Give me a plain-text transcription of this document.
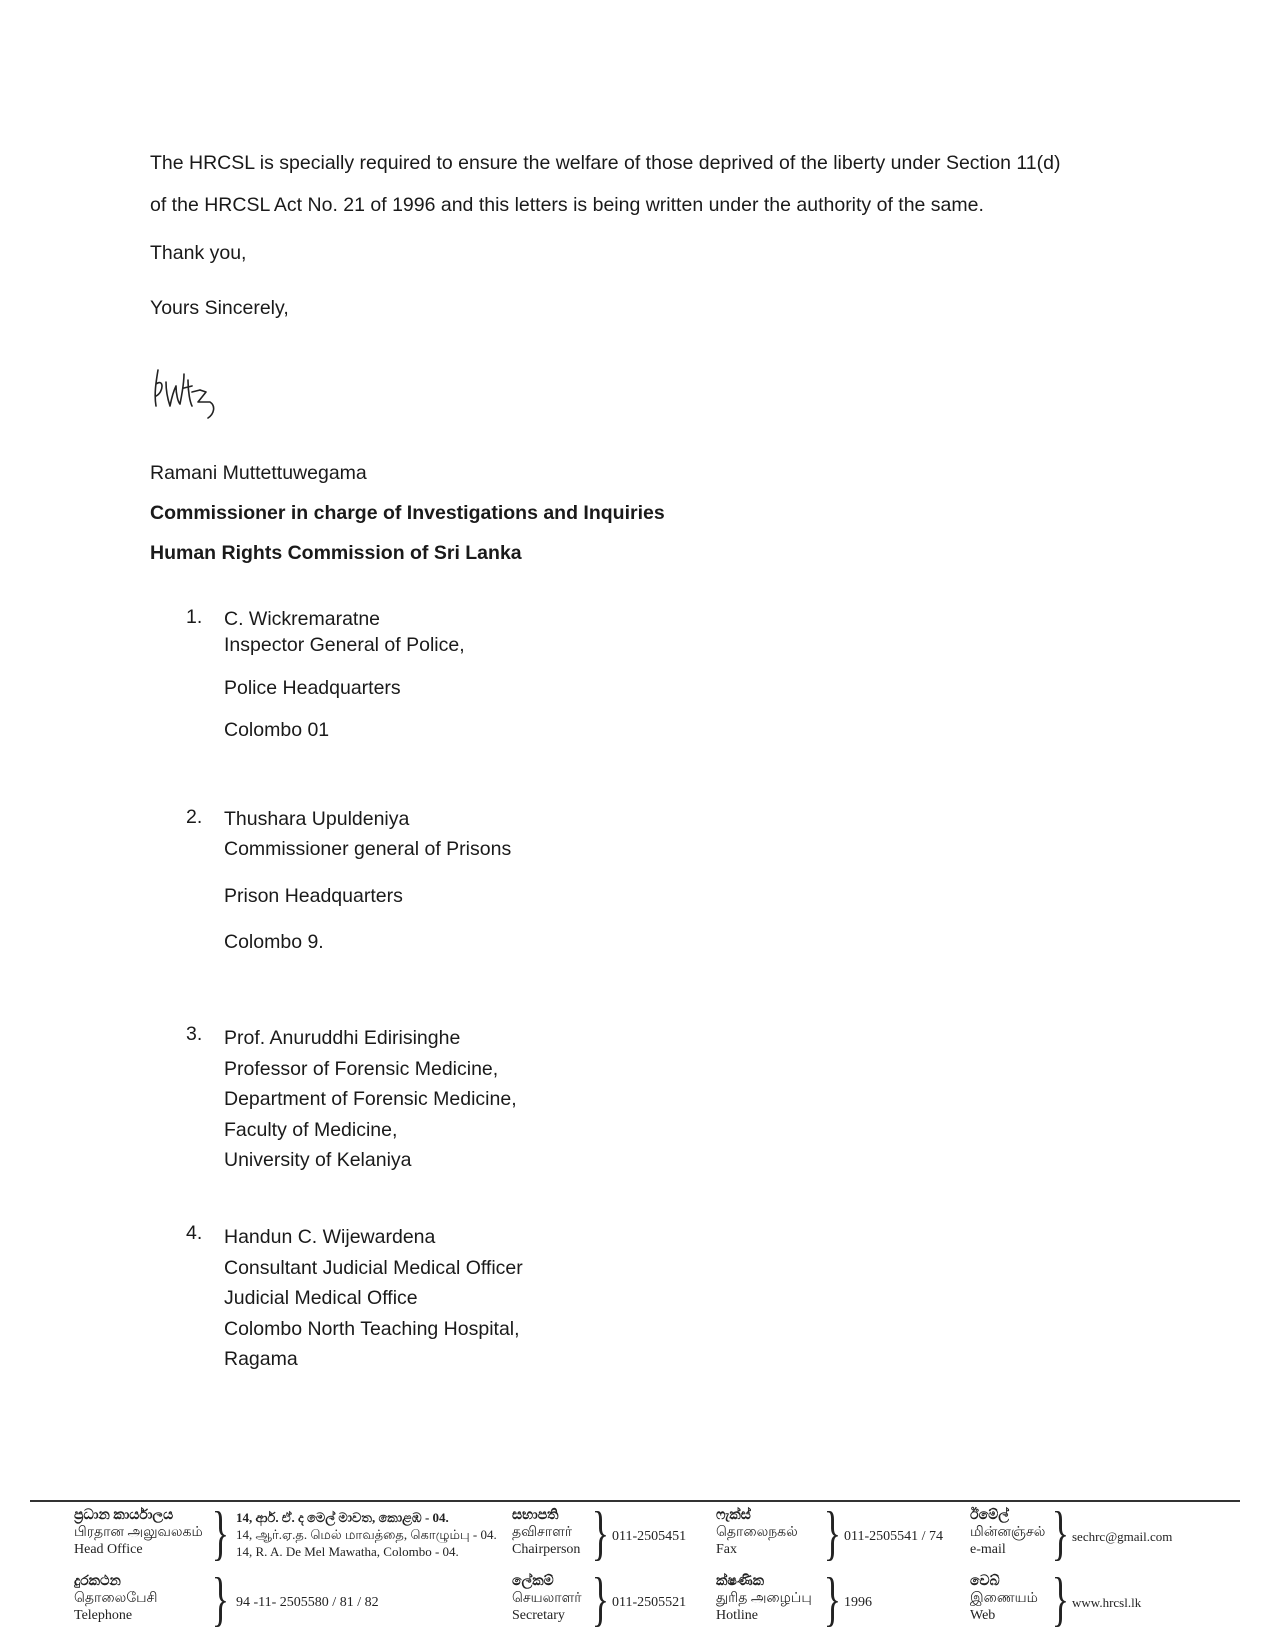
The HRCSL is specially required to ensure the welfare of those deprived of the liberty under Section 11(d)
of the HRCSL Act No. 21 of 1996 and this letters is being written under the authority of the same.
Thank you,
Yours Sincerely,
Ramani Muttettuwegama
Commissioner in charge of Investigations and Inquiries
Human Rights Commission of Sri Lanka
1.	C. Wickremaratne
Inspector General of Police,
Police Headquarters
Colombo 01
2.	Thushara Upuldeniya
Commissioner general of Prisons
Prison Headquarters
Colombo 9.
3.	Prof. Anuruddhi Edirisinghe
Professor of Forensic Medicine,
Department of Forensic Medicine,
Faculty of Medicine,
University of Kelaniya
4.	Handun C. Wijewardena
Consultant Judicial Medical Officer
Judicial Medical Office
Colombo North Teaching Hospital,
Ragama
ප්‍රධාන කාර්යාලය
பிரதான அலுவலகம்
Head Office	} 14, ආර්. ඒ. ද මෙල් මාවත, කොළඹ - 04.
14, ஆர்.ஏ.த. மெல் மாவத்தை, கொழும்பு - 04.
14, R. A. De Mel Mawatha, Colombo - 04.
දුරකථන
தொலைபேசி
Telephone	} 94 -11- 2505580 / 81 / 82
සභාපති
தவிசாளர்
Chairperson } 011-2505451
ලේකම්
செயலாளர்
Secretary } 011-2505521
ෆැක්ස්
தொலைநகல்
Fax	} 011-2505541 / 74
ක්ෂණික
துரித அழைப்பு
Hotline	} 1996
ඊමේල්
மின்னஞ்சல்
e-mail } sechrc@gmail.com
වෙබ්
இணையம்
Web } www.hrcsl.lk
